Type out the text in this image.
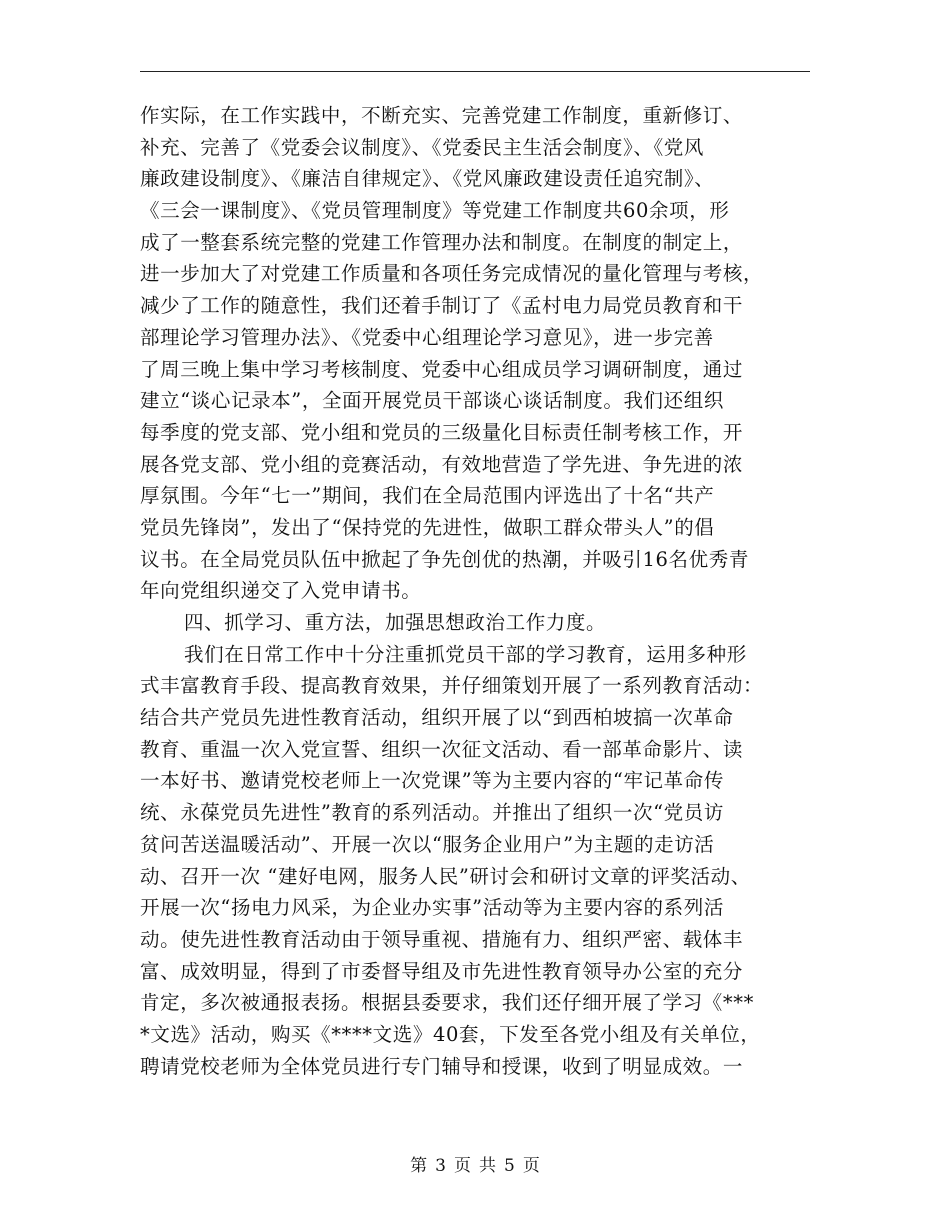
作实际，在工作实践中，不断充实、完善党建工作制度，重新修订、
补充、完善了《党委会议制度》、《党委民主生活会制度》、《党风
廉政建设制度》、《廉洁自律规定》、《党风廉政建设责任追究制》、
《三会一课制度》、《党员管理制度》等党建工作制度共60余项，形
成了一整套系统完整的党建工作管理办法和制度。在制度的制定上，
进一步加大了对党建工作质量和各项任务完成情况的量化管理与考核，
减少了工作的随意性，我们还着手制订了《孟村电力局党员教育和干
部理论学习管理办法》、《党委中心组理论学习意见》，进一步完善
了周三晚上集中学习考核制度、党委中心组成员学习调研制度，通过
建立“谈心记录本”，全面开展党员干部谈心谈话制度。我们还组织
每季度的党支部、党小组和党员的三级量化目标责任制考核工作，开
展各党支部、党小组的竞赛活动，有效地营造了学先进、争先进的浓
厚氛围。今年“七一”期间，我们在全局范围内评选出了十名“共产
党员先锋岗”，发出了“保持党的先进性，做职工群众带头人”的倡
议书。在全局党员队伍中掀起了争先创优的热潮，并吸引16名优秀青
年向党组织递交了入党申请书。
四、抓学习、重方法，加强思想政治工作力度。
我们在日常工作中十分注重抓党员干部的学习教育，运用多种形
式丰富教育手段、提高教育效果，并仔细策划开展了一系列教育活动：
结合共产党员先进性教育活动，组织开展了以“到西柏坡搞一次革命
教育、重温一次入党宣誓、组织一次征文活动、看一部革命影片、读
一本好书、邀请党校老师上一次党课”等为主要内容的“牢记革命传
统、永葆党员先进性”教育的系列活动。并推出了组织一次“党员访
贫问苦送温暖活动”、开展一次以“服务企业用户”为主题的走访活
动、召开一次 “建好电网，服务人民”研讨会和研讨文章的评奖活动、
开展一次“扬电力风采，为企业办实事”活动等为主要内容的系列活
动。使先进性教育活动由于领导重视、措施有力、组织严密、载体丰
富、成效明显，得到了市委督导组及市先进性教育领导办公室的充分
肯定，多次被通报表扬。根据县委要求，我们还仔细开展了学习《***
*文选》活动，购买《****文选》40套，下发至各党小组及有关单位，
聘请党校老师为全体党员进行专门辅导和授课，收到了明显成效。一
第 3 页 共 5 页
